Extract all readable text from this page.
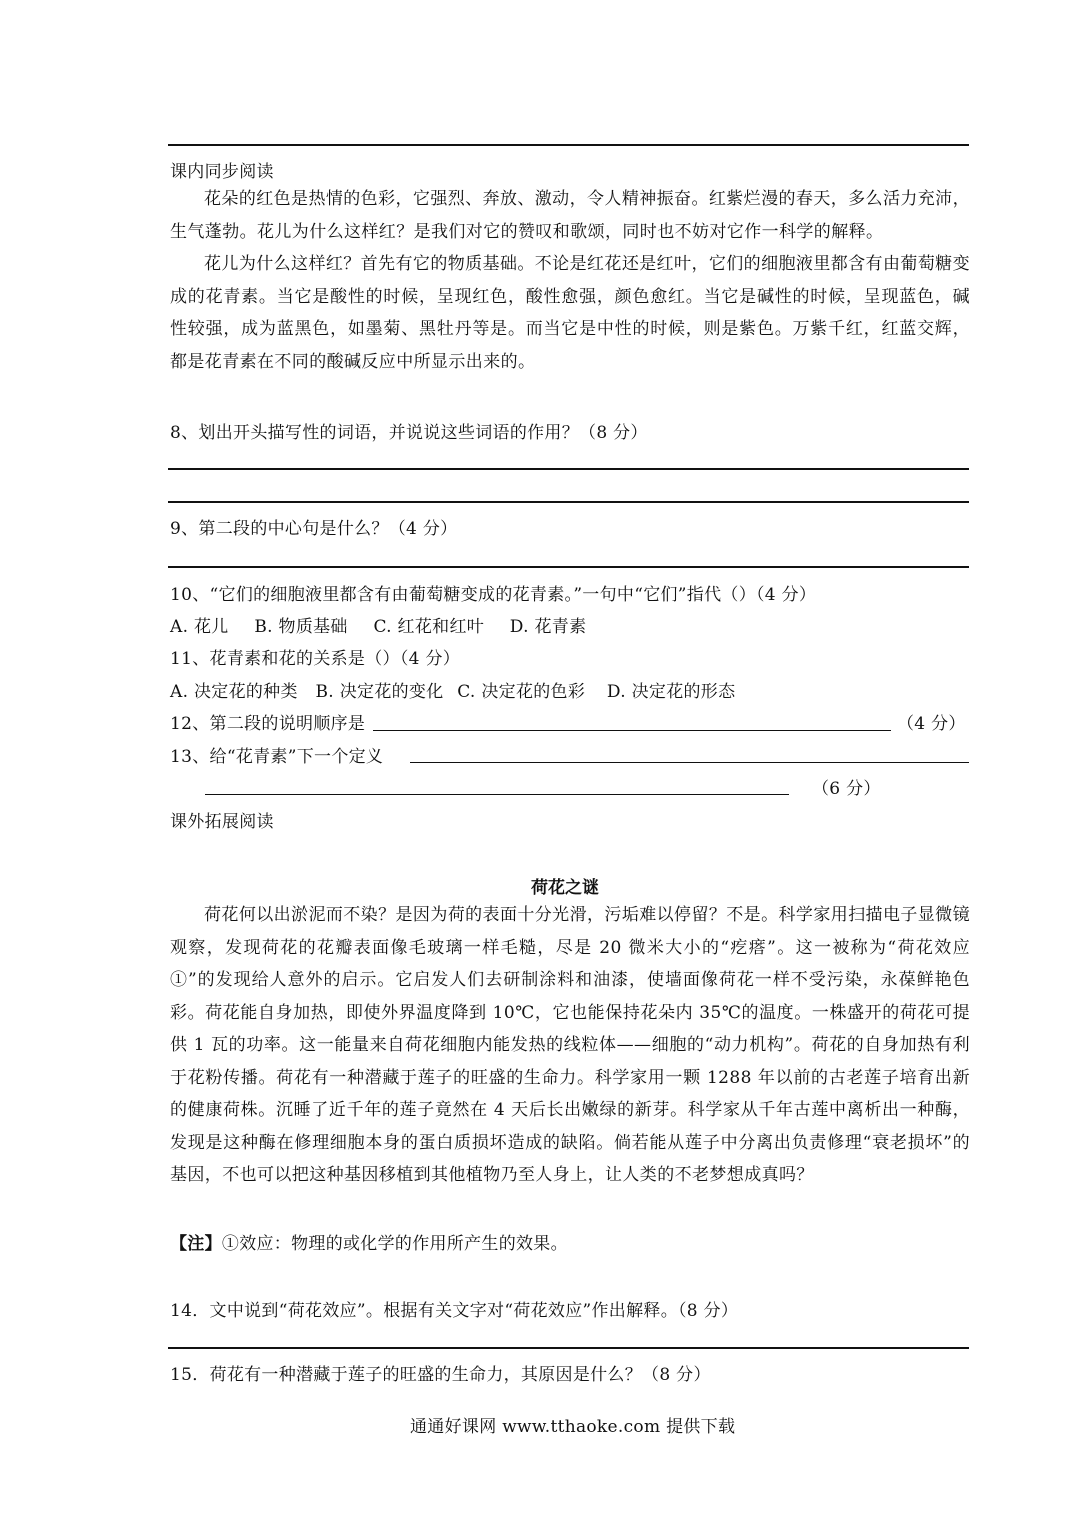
课内同步阅读

花朵的红色是热情的色彩，它强烈、奔放、激动，令人精神振奋。红紫烂漫的春天，多么活力充沛，生气蓬勃。花儿为什么这样红？是我们对它的赞叹和歌颂，同时也不妨对它作一科学的解释。

花儿为什么这样红？首先有它的物质基础。不论是红花还是红叶，它们的细胞液里都含有由葡萄糖变成的花青素。当它是酸性的时候，呈现红色，酸性愈强，颜色愈红。当它是碱性的时候，呈现蓝色，碱性较强，成为蓝黑色，如墨菊、黑牡丹等是。而当它是中性的时候，则是紫色。万紫千红，红蓝交辉，都是花青素在不同的酸碱反应中所显示出来的。

8、划出开头描写性的词语，并说说这些词语的作用？（8 分）
9、第二段的中心句是什么？（4 分）
10、“它们的细胞液里都含有由葡萄糖变成的花青素。”一句中“它们”指代（）（4 分）
A. 花儿 B. 物质基础 C. 红花和红叶 D. 花青素
11、花青素和花的关系是（）（4 分）
A. 决定花的种类 B. 决定花的变化 C. 决定花的色彩 D. 决定花的形态
12、第二段的说明顺序是	（4 分）
13、给“花青素”下一个定义
（6 分）
课外拓展阅读
荷花之谜

荷花何以出淤泥而不染？是因为荷的表面十分光滑，污垢难以停留？不是。科学家用扫描电子显微镜观察，发现荷花的花瓣表面像毛玻璃一样毛糙，尽是 20 微米大小的“疙瘩”。这一被称为“荷花效应①”的发现给人意外的启示。它启发人们去研制涂料和油漆，使墙面像荷花一样不受污染，永葆鲜艳色彩。荷花能自身加热，即使外界温度降到 10℃，它也能保持花朵内 35℃的温度。一株盛开的荷花可提供 1 瓦的功率。这一能量来自荷花细胞内能发热的线粒体——细胞的“动力机构”。荷花的自身加热有利于花粉传播。荷花有一种潜藏于莲子的旺盛的生命力。科学家用一颗 1288 年以前的古老莲子培育出新的健康荷株。沉睡了近千年的莲子竟然在 4 天后长出嫩绿的新芽。科学家从千年古莲中离析出一种酶，发现是这种酶在修理细胞本身的蛋白质损坏造成的缺陷。倘若能从莲子中分离出负责修理“衰老损坏”的基因，不也可以把这种基因移植到其他植物乃至人身上，让人类的不老梦想成真吗？

【注】①效应：物理的或化学的作用所产生的效果。
14．文中说到“荷花效应”。根据有关文字对“荷花效应”作出解释。（8 分）
15．荷花有一种潜藏于莲子的旺盛的生命力，其原因是什么？（8 分）
通通好课网 www.tthaoke.com 提供下载
